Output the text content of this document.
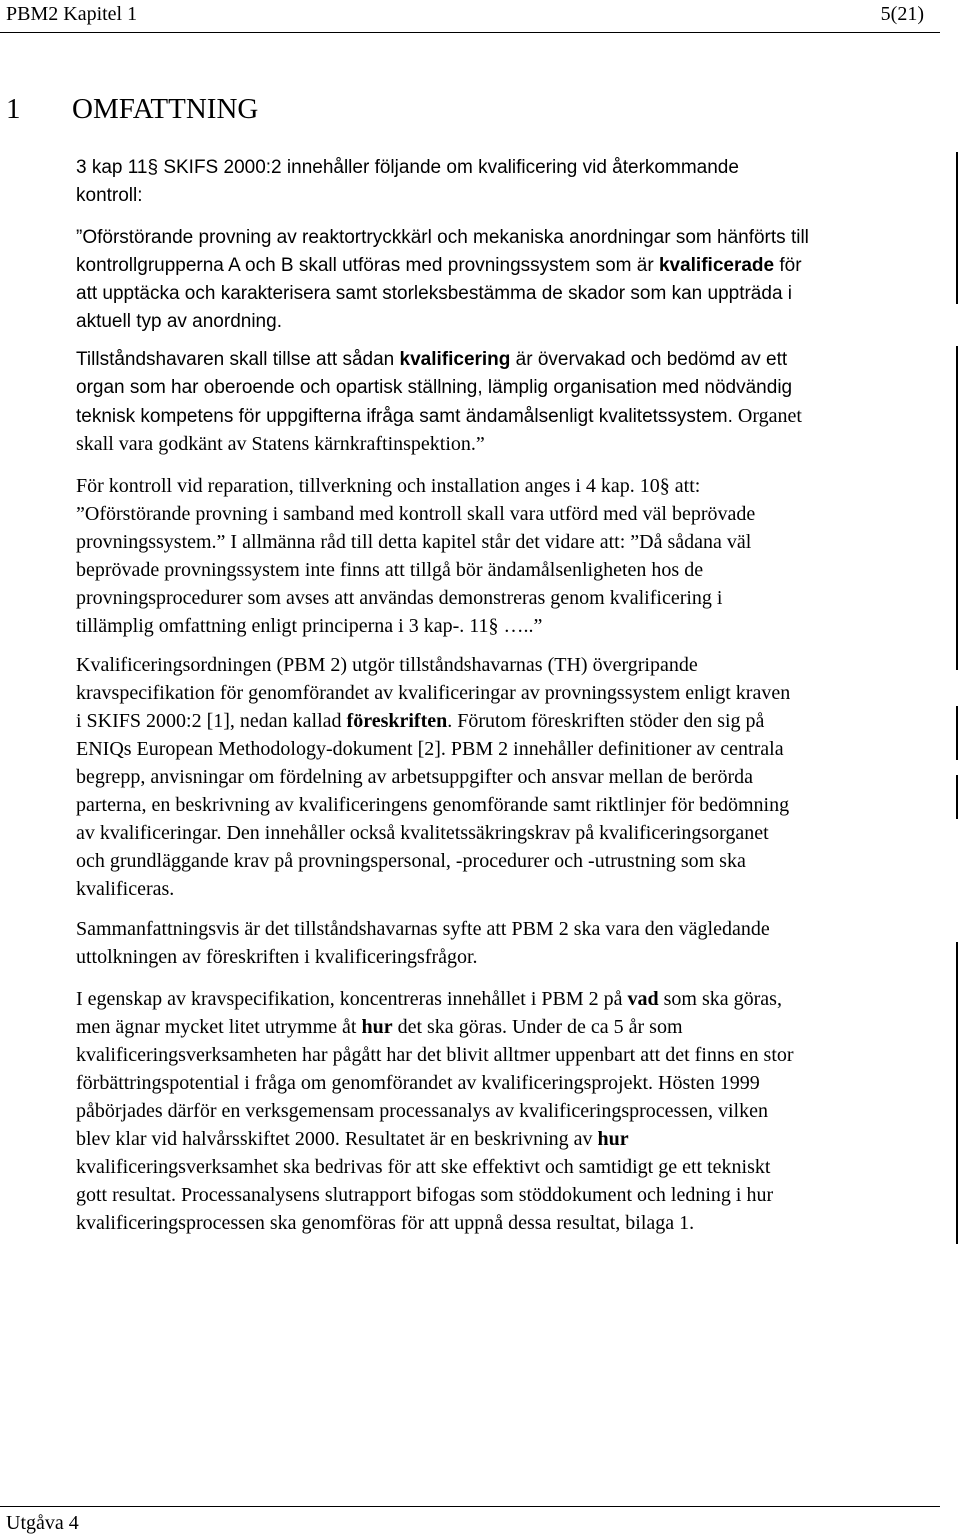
PBM2 Kapitel 1	5(21)
1 OMFATTNING
3 kap 11§ SKIFS 2000:2 innehåller följande om kvalificering vid återkommande
kontroll:
”Oförstörande provning av reaktortryckkärl och mekaniska anordningar som hänförts till
kontrollgrupperna A och B skall utföras med provningssystem som är kvalificerade för
att upptäcka och karakterisera samt storleksbestämma de skador som kan uppträda i
aktuell typ av anordning.
Tillståndshavaren skall tillse att sådan kvalificering är övervakad och bedömd av ett
organ som har oberoende och opartisk ställning, lämplig organisation med nödvändig
teknisk kompetens för uppgifterna ifråga samt ändamålsenligt kvalitetssystem. Organet
skall vara godkänt av Statens kärnkraftinspektion.”
För kontroll vid reparation, tillverkning och installation anges i 4 kap. 10§ att:
”Oförstörande provning i samband med kontroll skall vara utförd med väl beprövade
provningssystem.” I allmänna råd till detta kapitel står det vidare att: ”Då sådana väl
beprövade provningssystem inte finns att tillgå bör ändamålsenligheten hos de
provningsprocedurer som avses att användas demonstreras genom kvalificering i
tillämplig omfattning enligt principerna i 3 kap-. 11§ …..”
Kvalificeringsordningen (PBM 2) utgör tillståndshavarnas (TH) övergripande
kravspecifikation för genomförandet av kvalificeringar av provningssystem enligt kraven
i SKIFS 2000:2 [1], nedan kallad föreskriften. Förutom föreskriften stöder den sig på
ENIQs European Methodology-dokument [2]. PBM 2 innehåller definitioner av centrala
begrepp, anvisningar om fördelning av arbetsuppgifter och ansvar mellan de berörda
parterna, en beskrivning av kvalificeringens genomförande samt riktlinjer för bedömning
av kvalificeringar. Den innehåller också kvalitetssäkringskrav på kvalificeringsorganet
och grundläggande krav på provningspersonal, -procedurer och -utrustning som ska
kvalificeras.
Sammanfattningsvis är det tillståndshavarnas syfte att PBM 2 ska vara den vägledande
uttolkningen av föreskriften i kvalificeringsfrågor.
I egenskap av kravspecifikation, koncentreras innehållet i PBM 2 på vad som ska göras,
men ägnar mycket litet utrymme åt hur det ska göras. Under de ca 5 år som
kvalificeringsverksamheten har pågått har det blivit alltmer uppenbart att det finns en stor
förbättringspotential i fråga om genomförandet av kvalificeringsprojekt. Hösten 1999
påbörjades därför en verksgemensam processanalys av kvalificeringsprocessen, vilken
blev klar vid halvårsskiftet 2000. Resultatet är en beskrivning av hur
kvalificeringsverksamhet ska bedrivas för att ske effektivt och samtidigt ge ett tekniskt
gott resultat. Processanalysens slutrapport bifogas som stöddokument och ledning i hur
kvalificeringsprocessen ska genomföras för att uppnå dessa resultat, bilaga 1.
Utgåva 4
